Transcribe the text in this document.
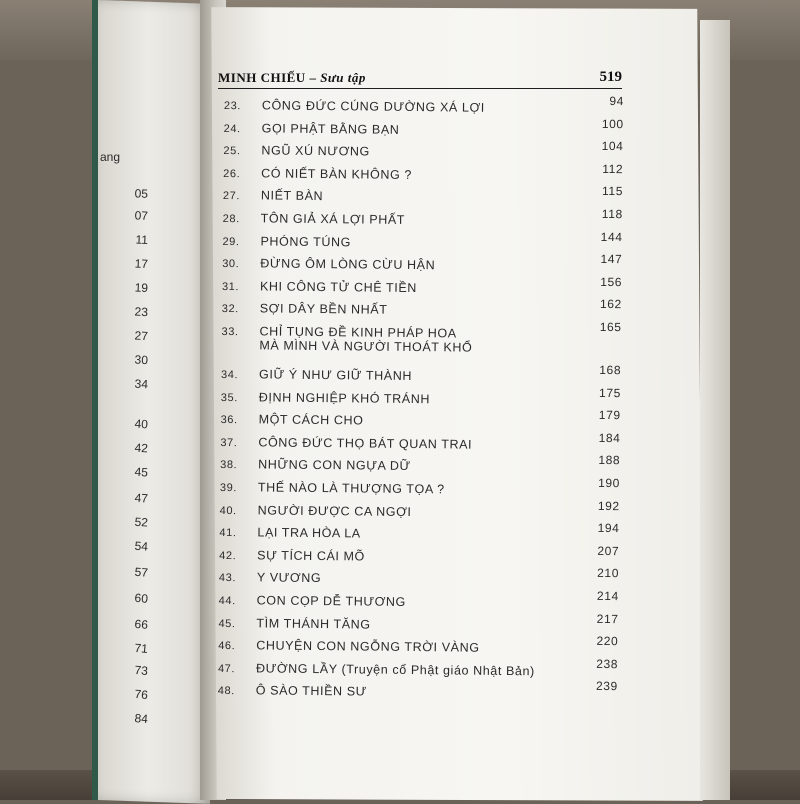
ang
05
07
11
17
19
23
27
30
34
40
42
45
47
52
54
57
60
66
71
73
76
84
MINH CHIẾU – Sưu tập	519
23.	CÔNG ĐỨC CÚNG DƯỜNG XÁ LỢI	94
24.	GỌI PHẬT BẰNG BẠN	100
25.	NGŨ XÚ NƯƠNG	104
26.	CÓ NIẾT BÀN KHÔNG ?	112
27.	NIẾT BÀN	115
28.	TÔN GIẢ XÁ LỢI PHẤT	118
29.	PHÓNG TÚNG	144
30.	ĐỪNG ÔM LÒNG CỪU HẬN	147
31.	KHI CÔNG TỬ CHÊ TIỀN	156
32.	SỢI DÂY BỀN NHẤT	162
33.	CHỈ TỤNG ĐỀ KINH PHÁP HOA
MÀ MÌNH VÀ NGƯỜI THOÁT KHỔ
165
34.	GIỮ Ý NHƯ GIỮ THÀNH	168
35.	ĐỊNH NGHIỆP KHÓ TRÁNH	175
36.	MỘT CÁCH CHO	179
37.	CÔNG ĐỨC THỌ BÁT QUAN TRAI	184
38.	NHỮNG CON NGỰA DỮ	188
39.	THẾ NÀO LÀ THƯỢNG TỌA ?	190
40.	NGƯỜI ĐƯỢC CA NGỢI	192
41.	LẠI TRA HÒA LA	194
42.	SỰ TÍCH CÁI MÕ	207
43.	Y VƯƠNG	210
44.	CON CỌP DỄ THƯƠNG	214
45.	TÌM THÁNH TĂNG	217
46.	CHUYỆN CON NGỖNG TRỜI VÀNG	220
47.	ĐƯỜNG LẦY (Truyện cổ Phật giáo Nhật Bản)	238
48.	Ô SÀO THIỀN SƯ	239
